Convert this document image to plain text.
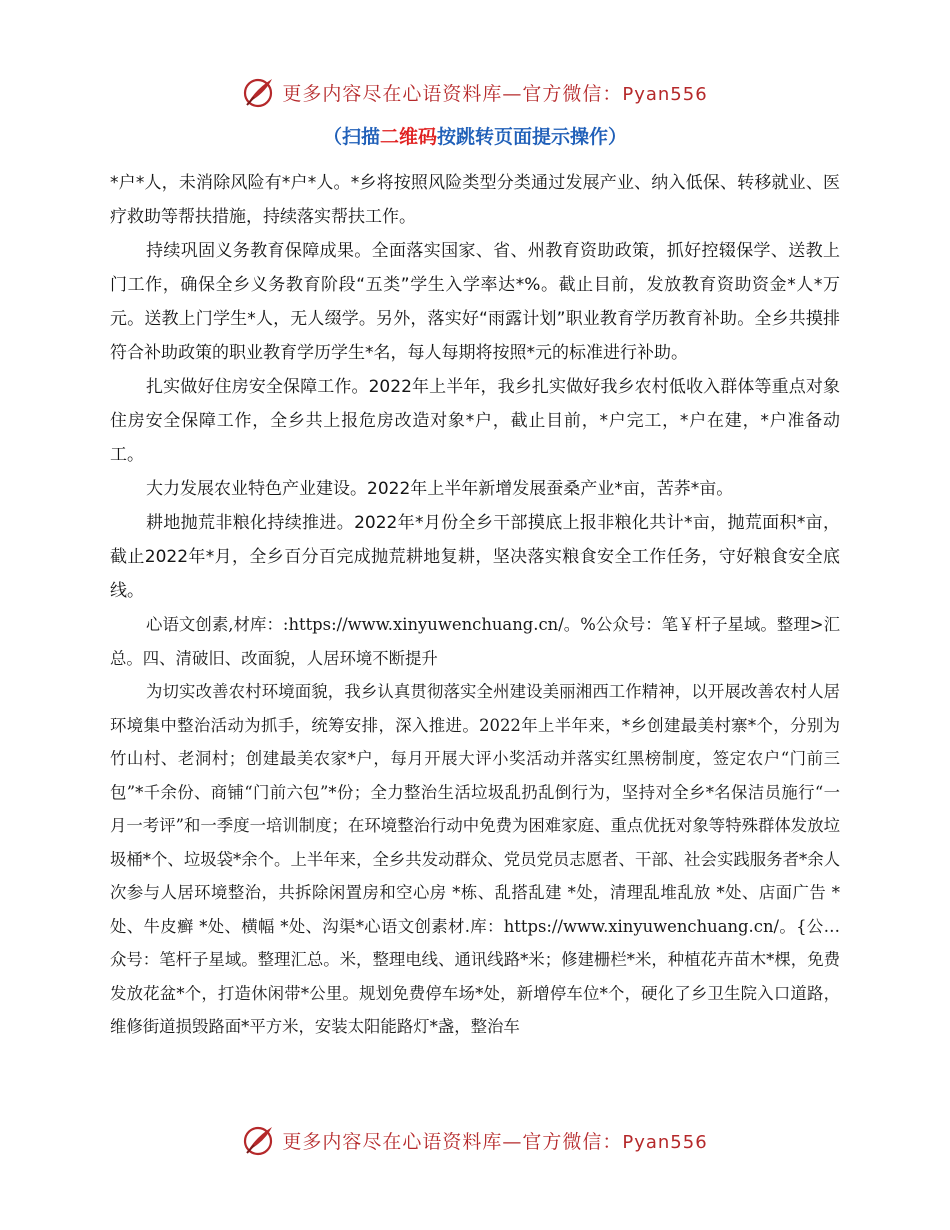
更多内容尽在心语资料库—官方微信：Pyan556
（扫描二维码按跳转页面提示操作）

*户*人，未消除风险有*户*人。*乡将按照风险类型分类通过发展产业、纳入低保、转移就业、医疗救助等帮扶措施，持续落实帮扶工作。

持续巩固义务教育保障成果。全面落实国家、省、州教育资助政策，抓好控辍保学、送教上门工作，确保全乡义务教育阶段“五类”学生入学率达*%。截止目前，发放教育资助资金*人*万元。送教上门学生*人，无人缀学。另外，落实好“雨露计划”职业教育学历教育补助。全乡共摸排符合补助政策的职业教育学历学生*名，每人每期将按照*元的标准进行补助。

扎实做好住房安全保障工作。2022年上半年，我乡扎实做好我乡农村低收入群体等重点对象住房安全保障工作，全乡共上报危房改造对象*户，截止目前，*户完工，*户在建，*户准备动工。

大力发展农业特色产业建设。2022年上半年新增发展蚕桑产业*亩，苦荞*亩。

耕地抛荒非粮化持续推进。2022年*月份全乡干部摸底上报非粮化共计*亩，抛荒面积*亩，截止2022年*月，全乡百分百完成抛荒耕地复耕，坚决落实粮食安全工作任务，守好粮食安全底线。

心语文创素,材库：:https://www.xinyuwenchuang.cn/。%公众号：笔￥杆子星域。整理>汇总。四、清破旧、改面貌，人居环境不断提升

为切实改善农村环境面貌，我乡认真贯彻落实全州建设美丽湘西工作精神，以开展改善农村人居环境集中整治活动为抓手，统筹安排，深入推进。2022年上半年来，*乡创建最美村寨*个，分别为竹山村、老洞村；创建最美农家*户，每月开展大评小奖活动并落实红黑榜制度，签定农户“门前三包”*千余份、商铺“门前六包”*份；全力整治生活垃圾乱扔乱倒行为，坚持对全乡*名保洁员施行“一月一考评”和一季度一培训制度；在环境整治行动中免费为困难家庭、重点优抚对象等特殊群体发放垃圾桶*个、垃圾袋*余个。上半年来，全乡共发动群众、党员党员志愿者、干部、社会实践服务者*余人次参与人居环境整治，共拆除闲置房和空心房 *栋、乱搭乱建 *处，清理乱堆乱放 *处、店面广告 *处、牛皮癣 *处、横幅 *处、沟渠*心语文创素材.库：https://www.xinyuwenchuang.cn/。{公…众号：笔杆子星域。整理汇总。米，整理电线、通讯线路*米；修建栅栏*米，种植花卉苗木*棵，免费发放花盆*个，打造休闲带*公里。规划免费停车场*处，新增停车位*个，硬化了乡卫生院入口道路，维修街道损毁路面*平方米，安装太阳能路灯*盏，整治车

更多内容尽在心语资料库—官方微信：Pyan556
